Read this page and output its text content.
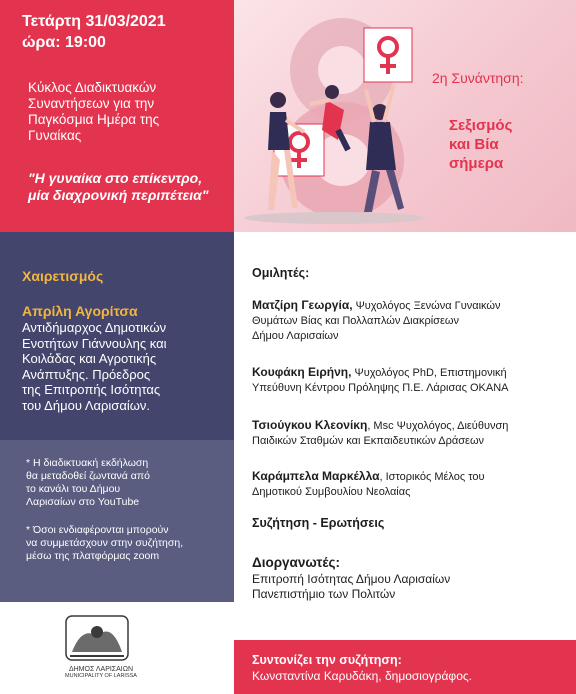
Τετάρτη 31/03/2021
ώρα: 19:00
Κύκλος Διαδικτυακών
Συναντήσεων για την
Παγκόσμια Ημέρα της
Γυναίκας
"Η γυναίκα στο επίκεντρο,
μία διαχρονική περιπέτεια"
2η Συνάντηση:
Σεξισμός
και Βία
σήμερα
Χαιρετισμός
Απρίλη Αγορίτσα
Αντιδήμαρχος Δημοτικών
Ενοτήτων Γιάννουλης και
Κοιλάδας και Αγροτικής
Ανάπτυξης. Πρόεδρος
της Επιτροπής Ισότητας
του Δήμου Λαρισαίων.
* Η διαδικτυακή εκδήλωση
θα μεταδοθεί ζωντανά από
το κανάλι του Δήμου
Λαρισαίων στο YouTube
* Όσοι ενδιαφέρονται μπορούν
να συμμετάσχουν στην συζήτηση,
μέσω της πλατφόρμας zoom
Ομιλητές:
Ματζίρη Γεωργία, Ψυχολόγος Ξενώνα Γυναικών
Θυμάτων Βίας και Πολλαπλών Διακρίσεων
Δήμου Λαρισαίων
Κουφάκη Ειρήνη, Ψυχολόγος PhD, Επιστημονική
Υπεύθυνη Κέντρου Πρόληψης Π.Ε. Λάρισας ΟΚΑΝΑ
Τσιούγκου Κλεονίκη, Msc Ψυχολόγος, Διεύθυνση
Παιδικών Σταθμών και Εκπαιδευτικών Δράσεων
Καράμπελα Μαρκέλλα, Ιστορικός Μέλος του
Δημοτικού Συμβουλίου Νεολαίας
Συζήτηση - Ερωτήσεις
Διοργανωτές:
Επιτροπή Ισότητας Δήμου Λαρισαίων
Πανεπιστήμιο των Πολιτών
Συντονίζει την συζήτηση:
Κωνσταντίνα Καρυδάκη, δημοσιογράφος.
ΔΗΜΟΣ ΛΑΡΙΣΑΙΩΝ
MUNICIPALITY OF LARISSA
